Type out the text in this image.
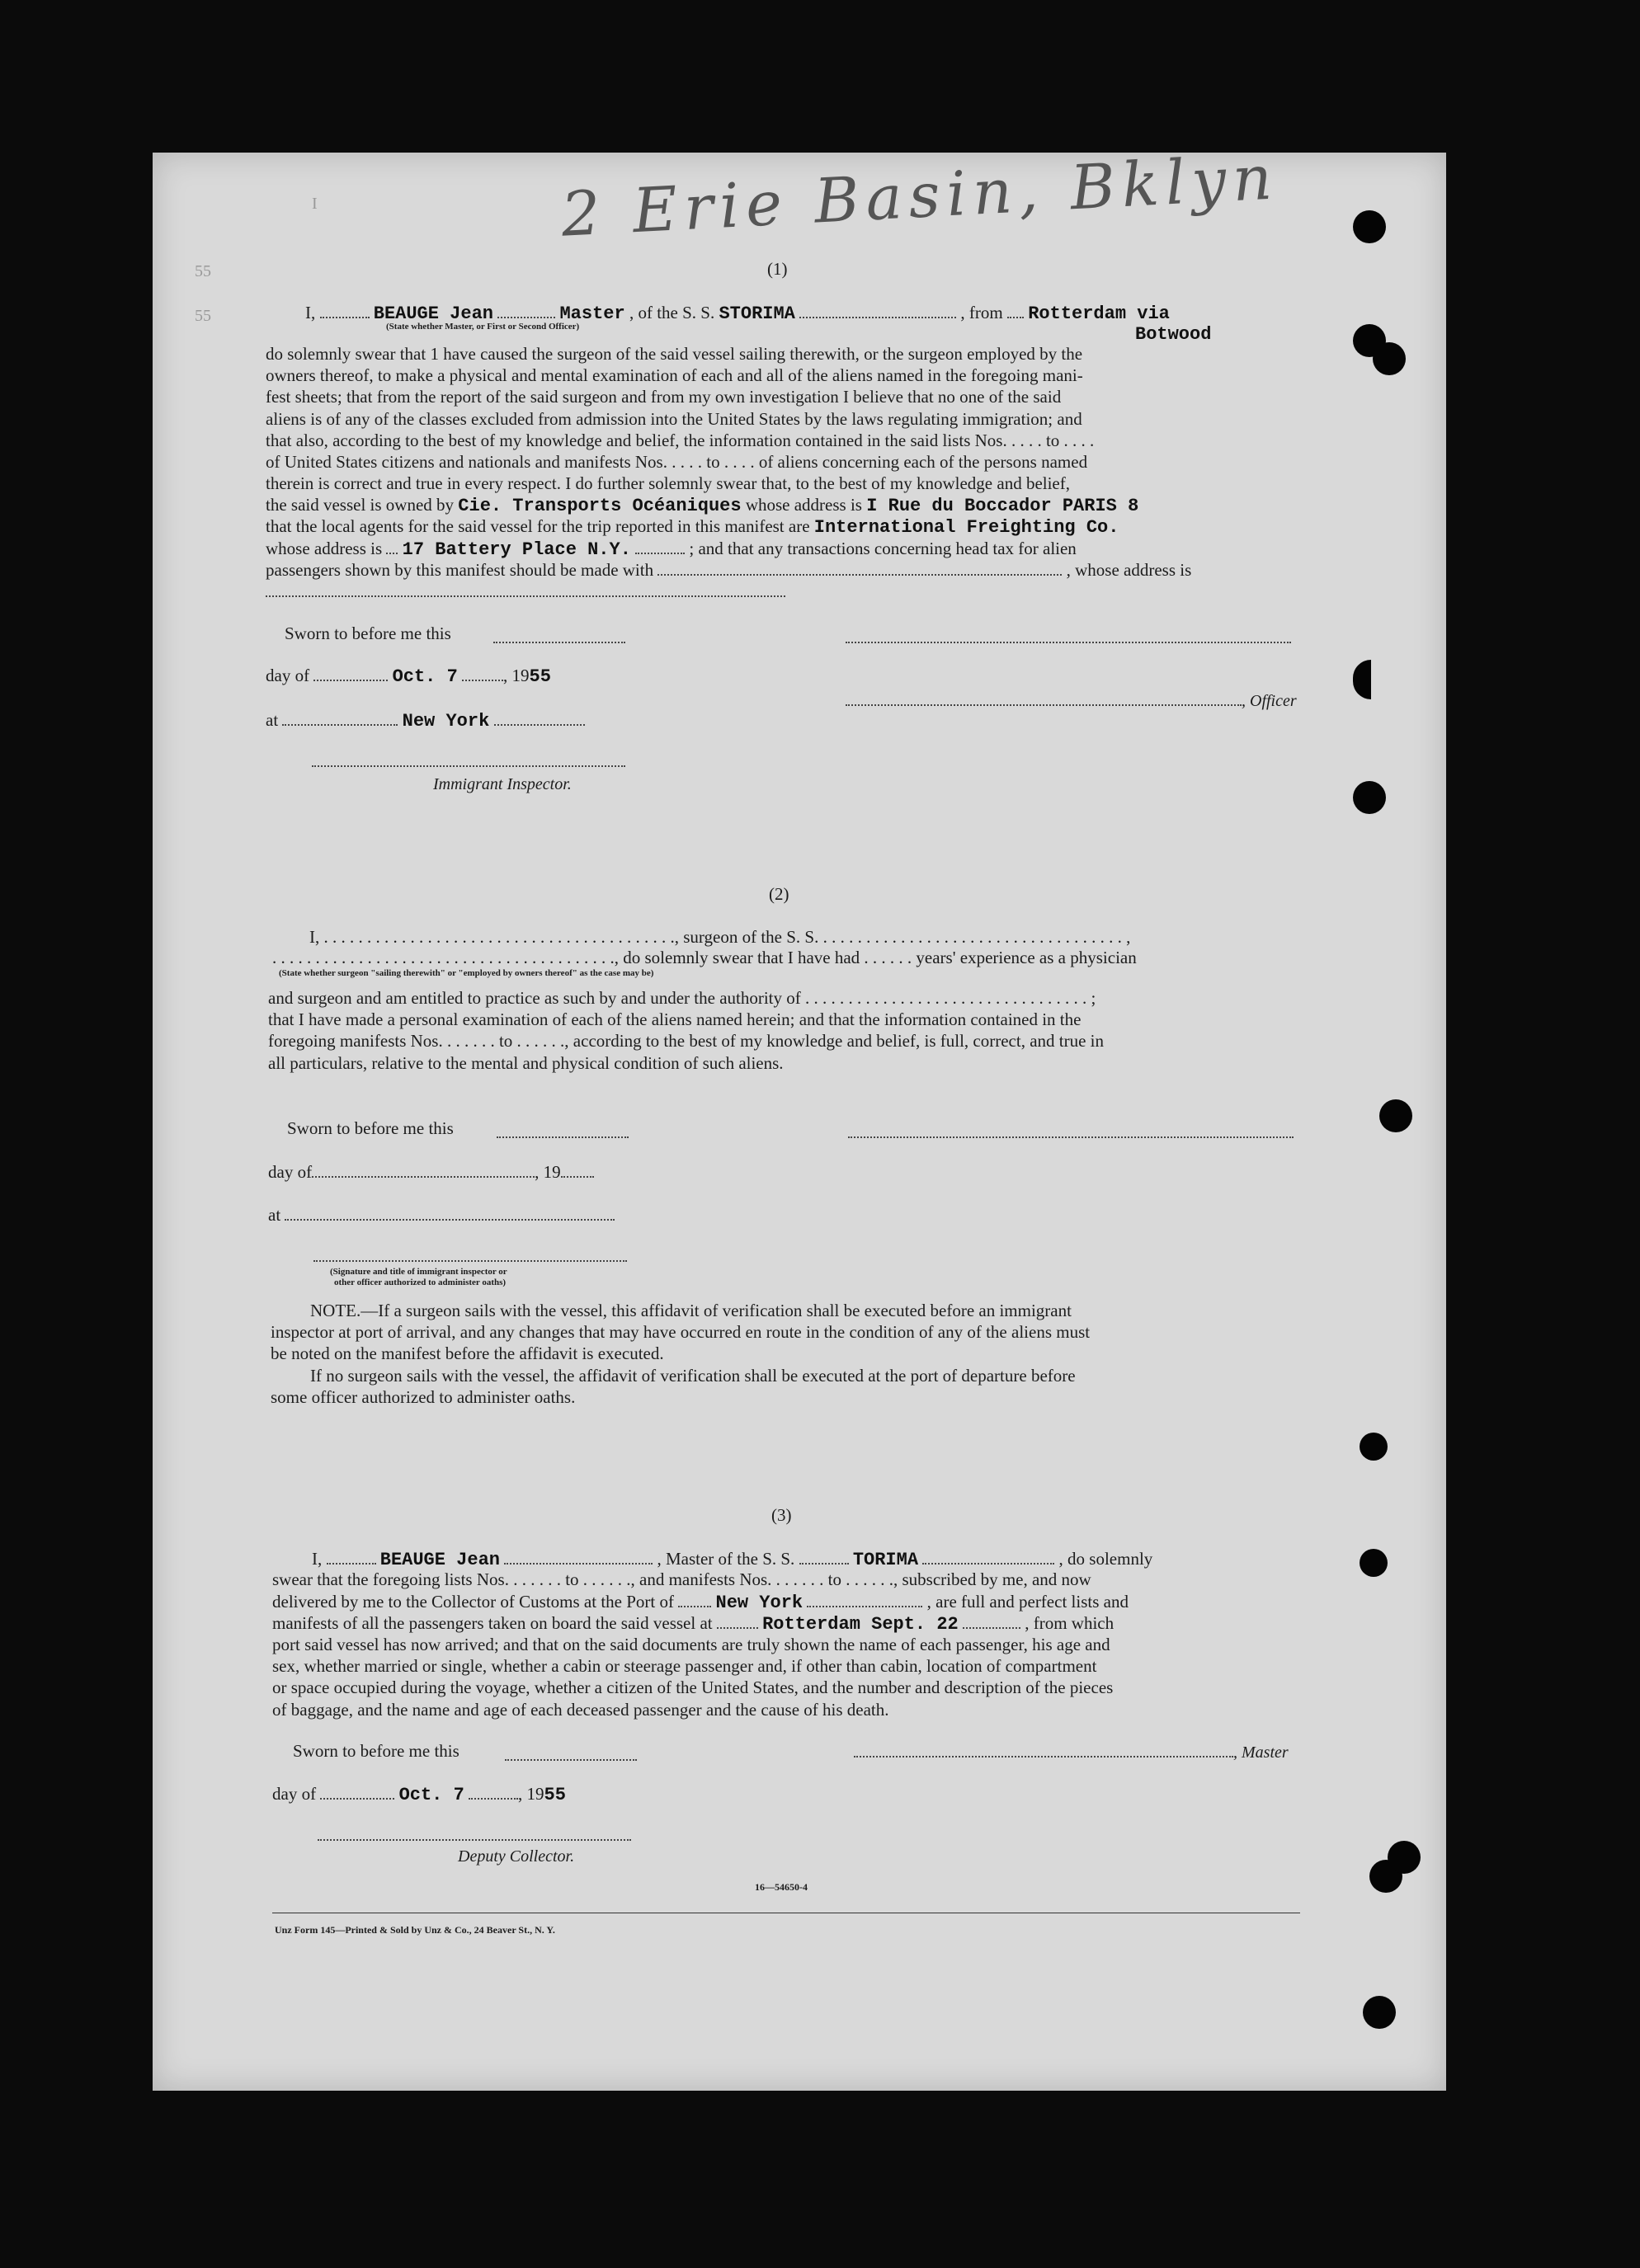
2 Erie Basin, Bklyn
I
55
55
(1)
I,	BEAUGE Jean	Master , of the S. S. STORIMA	, from Rotterdam via
(State whether Master, or First or Second Officer)	Botwood
do solemnly swear that 1 have caused the surgeon of the said vessel sailing therewith, or the surgeon employed by the
owners thereof, to make a physical and mental examination of each and all of the aliens named in the foregoing mani-
fest sheets; that from the report of the said surgeon and from my own investigation I believe that no one of the said
aliens is of any of the classes excluded from admission into the United States by the laws regulating immigration; and
that also, according to the best of my knowledge and belief, the information contained in the said lists Nos. . . . . to . . . .
of United States citizens and nationals and manifests Nos. . . . . to . . . . of aliens concerning each of the persons named
therein is correct and true in every respect. I do further solemnly swear that, to the best of my knowledge and belief,
the said vessel is owned by Cie. Transports Océaniques whose address is I Rue du Boccador PARIS 8
that the local agents for the said vessel for the trip reported in this manifest are International Freighting Co.
whose address is 17 Battery Place N.Y.	; and that any transactions concerning head tax for alien
passengers shown by this manifest should be made with	, whose address is
Sworn to before me this
day of	Oct. 7	, 1955
, Officer
at	New York
Immigrant Inspector.
(2)
I, . . . . . . . . . . . . . . . . . . . . . . . . . . . . . . . . . . . . . . . . ., surgeon of the S. S. . . . . . . . . . . . . . . . . . . . . . . . . . . . . . . . . . . . ,
. . . . . . . . . . . . . . . . . . . . . . . . . . . . . . . . . . . . . . . ., do solemnly swear that I have had . . . . . . years' experience as a physician
(State whether surgeon "sailing therewith" or "employed by owners thereof" as the case may be)
and surgeon and am entitled to practice as such by and under the authority of . . . . . . . . . . . . . . . . . . . . . . . . . . . . . . . . . ;
that I have made a personal examination of each of the aliens named herein; and that the information contained in the
foregoing manifests Nos. . . . . . . to . . . . . ., according to the best of my knowledge and belief, is full, correct, and true in
all particulars, relative to the mental and physical condition of such aliens.
Sworn to before me this
day of	, 19
at
(Signature and title of immigrant inspector or
other officer authorized to administer oaths)
NOTE.—If a surgeon sails with the vessel, this affidavit of verification shall be executed before an immigrant
inspector at port of arrival, and any changes that may have occurred en route in the condition of any of the aliens must
be noted on the manifest before the affidavit is executed.
If no surgeon sails with the vessel, the affidavit of verification shall be executed at the port of departure before
some officer authorized to administer oaths.
(3)
I,	BEAUGE Jean	, Master of the S. S.	TORIMA	, do solemnly
swear that the foregoing lists Nos. . . . . . . to . . . . . ., and manifests Nos. . . . . . . to . . . . . ., subscribed by me, and now
delivered by me to the Collector of Customs at the Port of New York	, are full and perfect lists and
manifests of all the passengers taken on board the said vessel at	Rotterdam Sept. 22	, from which
port said vessel has now arrived; and that on the said documents are truly shown the name of each passenger, his age and
sex, whether married or single, whether a cabin or steerage passenger and, if other than cabin, location of compartment
or space occupied during the voyage, whether a citizen of the United States, and the number and description of the pieces
of baggage, and the name and age of each deceased passenger and the cause of his death.
Sworn to before me this	, Master
day of	Oct. 7	, 1955
Deputy Collector.
16—54650-4
Unz Form 145—Printed & Sold by Unz & Co., 24 Beaver St., N. Y.
